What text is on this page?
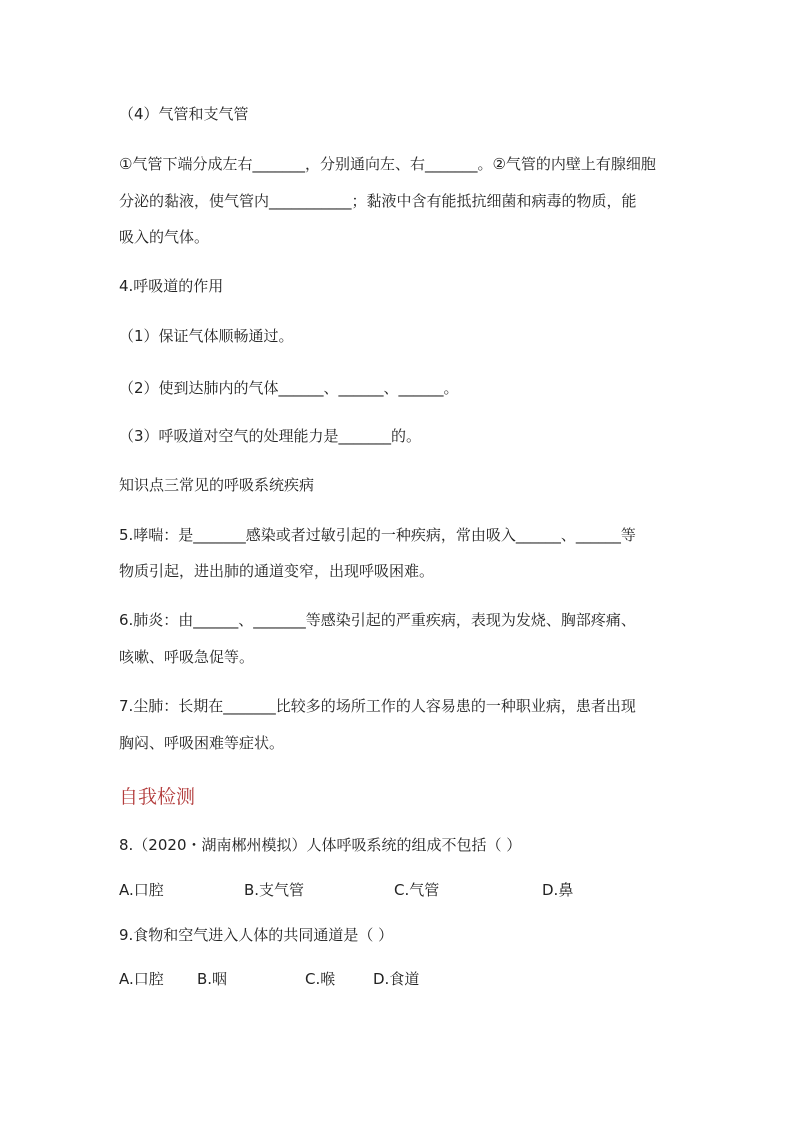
（4）气管和支气管
①气管下端分成左右_______，分别通向左、右_______。②气管的内壁上有腺细胞
分泌的黏液，使气管内___________；黏液中含有能抵抗细菌和病毒的物质，能
吸入的气体。
4.呼吸道的作用
（1）保证气体顺畅通过。
（2）使到达肺内的气体______、______、______。
（3）呼吸道对空气的处理能力是_______的。
知识点三常见的呼吸系统疾病
5.哮喘：是_______感染或者过敏引起的一种疾病，常由吸入______、______等
物质引起，进出肺的通道变窄，出现呼吸困难。
6.肺炎：由______、_______等感染引起的严重疾病，表现为发烧、胸部疼痛、
咳嗽、呼吸急促等。
7.尘肺：长期在_______比较多的场所工作的人容易患的一种职业病，患者出现
胸闷、呼吸困难等症状。
自我检测
8.（2020・湖南郴州模拟）人体呼吸系统的组成不包括（ ）
A.口腔	B.支气管	C.气管	D.鼻
9.食物和空气进入人体的共同通道是（ ）
A.口腔 B.咽	C.喉	D.食道
